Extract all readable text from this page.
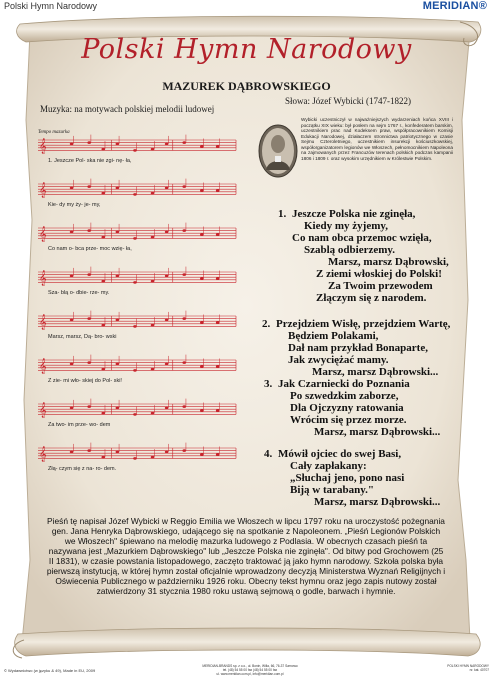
Polski Hymn Narodowy	MERIDIAN®
Polski Hymn Narodowy
MAZUREK DĄBROWSKIEGO
Słowa: Józef Wybicki (1747-1822)
Muzyka: na motywach polskiej melodii ludowej
Tempo mazurka
𝄞
𝄞
𝄞
𝄞
𝄞
𝄞
𝄞
𝄞
1. Jeszcze Pol- ska nie zgi- nę- ła,
Kie- dy my ży- je- my,
Co nam o- bca prze- moc wzię- ła,
Sza- blą o- dbie- rze- my.
Marsz, marsz, Dą- bro- wski
Z zie- mi wło- skiej do Pol- ski!
Za two- im prze- wo- dem
Złą- czym się z na- ro- dem.
Wybicki uczestniczył w najważniejszych wydarzeniach końca XVIII i początku XIX wieku: był posłem na sejm 1767 r., konfederatem barskim, uczestnikiem prac nad Kodeksem praw, współpracownikiem Komisji Edukacji Narodowej, działaczem stronnictwa patriotycznego w czasie Sejmu Czteroletniego, uczestnikiem insurekcji kościuszkowskiej, współorganizatorem legionów we Włoszech, pełnomocnikiem Napoleona na zajmowanych przez Francuzów terenach polskich podczas kampanii 1806 i 1809 r. oraz wysokim urzędnikiem w Królestwie Polskim.
1. Jeszcze Polska nie zginęła,
Kiedy my żyjemy,
Co nam obca przemoc wzięła,
Szablą odbierzemy.
Marsz, marsz Dąbrowski,
Z ziemi włoskiej do Polski!
Za Twoim przewodem
Złączym się z narodem.
2. Przejdziem Wisłę, przejdziem Wartę,
Będziem Polakami,
Dał nam przykład Bonaparte,
Jak zwyciężać mamy.
Marsz, marsz Dąbrowski...
3. Jak Czarniecki do Poznania
Po szwedzkim zaborze,
Dla Ojczyzny ratowania
Wrócim się przez morze.
Marsz, marsz Dąbrowski...
4. Mówił ojciec do swej Basi,
Cały zapłakany:
„Słuchaj jeno, pono nasi
Biją w tarabany."
Marsz, marsz Dąbrowski...
Pieśń tę napisał Józef Wybicki w Reggio Emilia we Włoszech w lipcu 1797 roku na uroczystość pożegnania gen. Jana Henryka Dąbrowskiego, udającego się na spotkanie z Napoleonem. „Pieśń Legionów Polskich we Włoszech" śpiewano na melodię mazurka ludowego z Podlasia. W obecnych czasach pieśń ta nazywana jest „Mazurkiem Dąbrowskiego" lub „Jeszcze Polska nie zginęła". Od bitwy pod Grochowem (25 II 1831), w czasie powstania listopadowego, zaczęto traktować ją jako hymn narodowy. Szkoła polska była pierwszą instytucją, w której hymn został oficjalnie wprowadzony decyzją Ministerstwa Wyznań Religijnych i Oświecenia Publicznego w październiku 1926 roku. Obecny tekst hymnu oraz jego zapis nutowy został zatwierdzony 31 stycznia 1980 roku ustawą sejmową o godle, barwach i hymnie.
© Wydawnictwo (w języku & 49), Made in EU, 2009
MERIDIAN-BRANDS sp. z o.o., ul. Bonin, Willa, 66, 76-37 Sarnowo
tel. (48) 54 55 00 fax (48) 54 55 00 fax
ul. www.meridian.com.pl, info@meridian.com.pl
POLSKI HYMN NARODOWY
nr. kat. 40707
